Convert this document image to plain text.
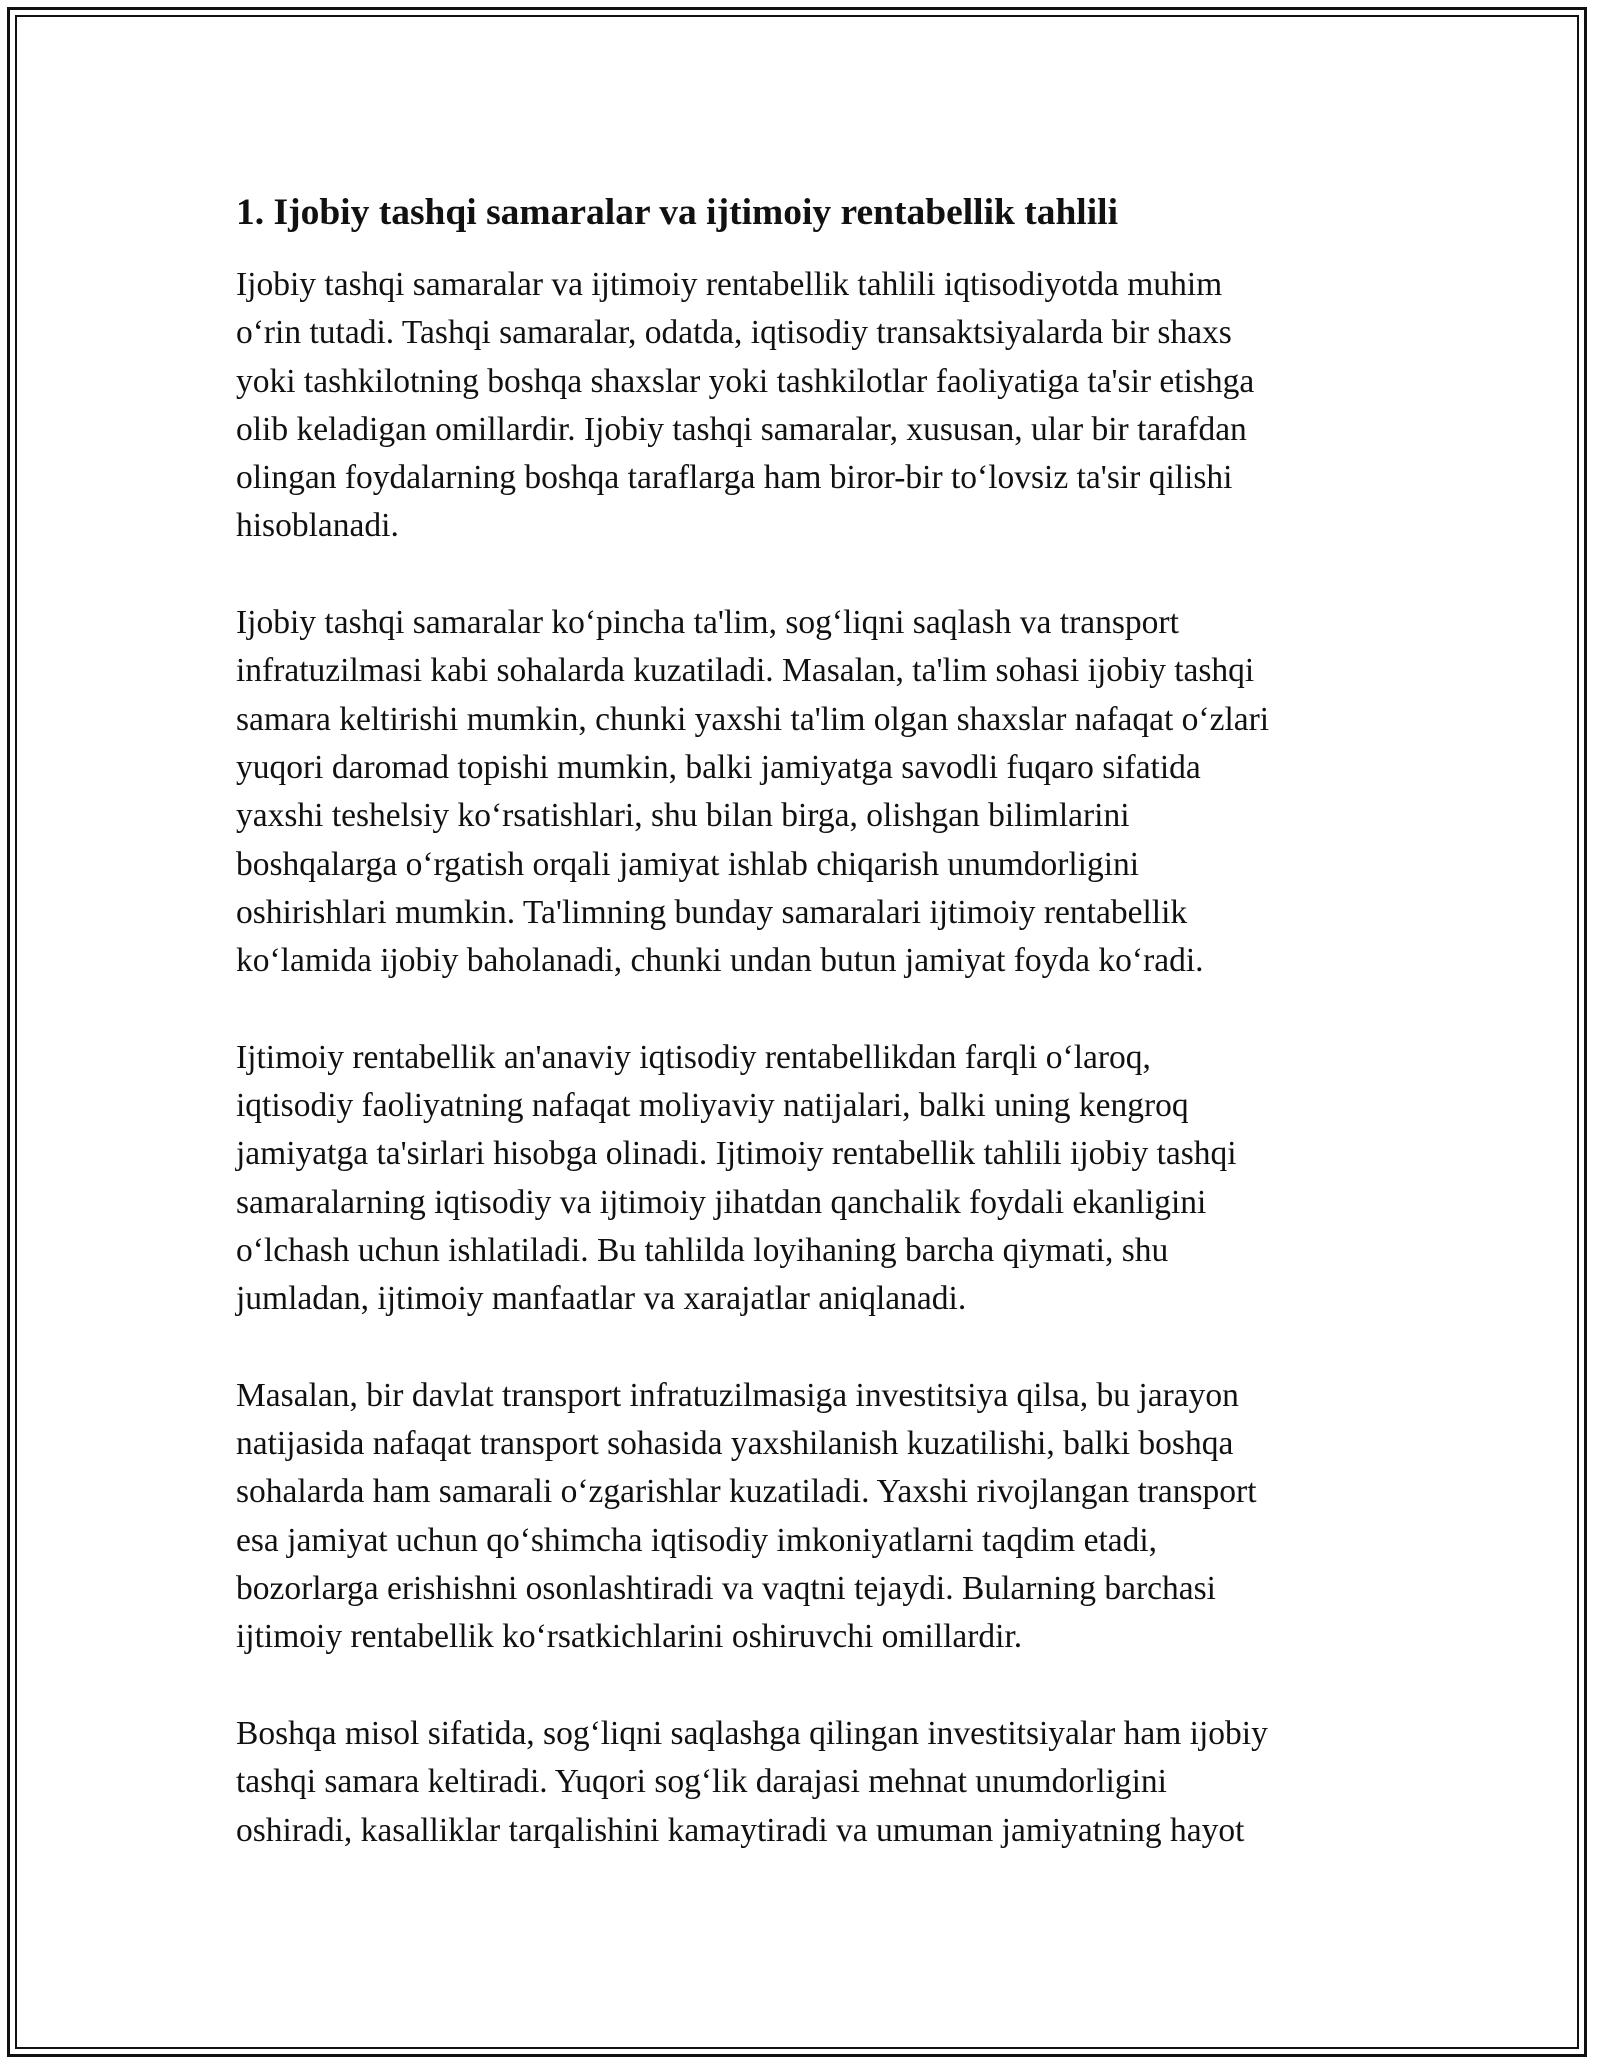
1. Ijobiy tashqi samaralar va ijtimoiy rentabellik tahlili

Ijobiy tashqi samaralar va ijtimoiy rentabellik tahlili iqtisodiyotda muhim
oʻrin tutadi. Tashqi samaralar, odatda, iqtisodiy transaktsiyalarda bir shaxs
yoki tashkilotning boshqa shaxslar yoki tashkilotlar faoliyatiga ta'sir etishga
olib keladigan omillardir. Ijobiy tashqi samaralar, xususan, ular bir tarafdan
olingan foydalarning boshqa taraflarga ham biror-bir toʻlovsiz ta'sir qilishi
hisoblanadi.

Ijobiy tashqi samaralar koʻpincha ta'lim, sogʻliqni saqlash va transport
infratuzilmasi kabi sohalarda kuzatiladi. Masalan, ta'lim sohasi ijobiy tashqi
samara keltirishi mumkin, chunki yaxshi ta'lim olgan shaxslar nafaqat oʻzlari
yuqori daromad topishi mumkin, balki jamiyatga savodli fuqaro sifatida
yaxshi teshelsiy koʻrsatishlari, shu bilan birga, olishgan bilimlarini
boshqalarga oʻrgatish orqali jamiyat ishlab chiqarish unumdorligini
oshirishlari mumkin. Ta'limning bunday samaralari ijtimoiy rentabellik
koʻlamida ijobiy baholanadi, chunki undan butun jamiyat foyda koʻradi.

Ijtimoiy rentabellik an'anaviy iqtisodiy rentabellikdan farqli oʻlaroq,
iqtisodiy faoliyatning nafaqat moliyaviy natijalari, balki uning kengroq
jamiyatga ta'sirlari hisobga olinadi. Ijtimoiy rentabellik tahlili ijobiy tashqi
samaralarning iqtisodiy va ijtimoiy jihatdan qanchalik foydali ekanligini
oʻlchash uchun ishlatiladi. Bu tahlilda loyihaning barcha qiymati, shu
jumladan, ijtimoiy manfaatlar va xarajatlar aniqlanadi.

Masalan, bir davlat transport infratuzilmasiga investitsiya qilsa, bu jarayon
natijasida nafaqat transport sohasida yaxshilanish kuzatilishi, balki boshqa
sohalarda ham samarali oʻzgarishlar kuzatiladi. Yaxshi rivojlangan transport
esa jamiyat uchun qoʻshimcha iqtisodiy imkoniyatlarni taqdim etadi,
bozorlarga erishishni osonlashtiradi va vaqtni tejaydi. Bularning barchasi
ijtimoiy rentabellik koʻrsatkichlarini oshiruvchi omillardir.

Boshqa misol sifatida, sogʻliqni saqlashga qilingan investitsiyalar ham ijobiy
tashqi samara keltiradi. Yuqori sogʻlik darajasi mehnat unumdorligini
oshiradi, kasalliklar tarqalishini kamaytiradi va umuman jamiyatning hayot
